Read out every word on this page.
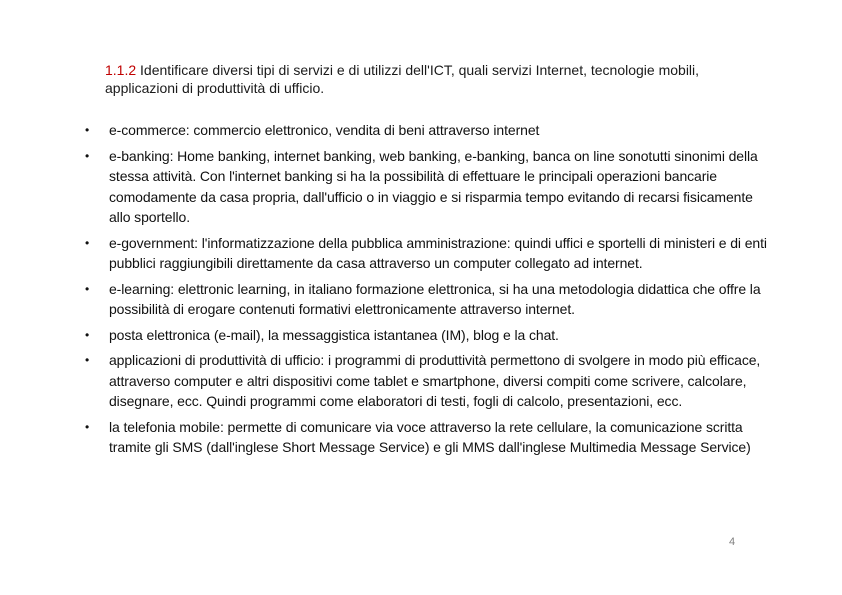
1.1.2 Identificare diversi tipi di servizi e di utilizzi dell'ICT, quali servizi Internet, tecnologie mobili, applicazioni di produttività di ufficio.
• e-commerce: commercio elettronico, vendita di beni attraverso internet
• e-banking: Home banking, internet banking, web banking, e-banking, banca on line sonotutti sinonimi della stessa attività. Con l'internet banking si ha la possibilità di effettuare le principali operazioni bancarie comodamente da casa propria, dall'ufficio o in viaggio e si risparmia tempo evitando di recarsi fisicamente allo sportello.
• e-government: l'informatizzazione della pubblica amministrazione: quindi uffici e sportelli di ministeri e di enti pubblici raggiungibili direttamente da casa attraverso un computer collegato ad internet.
• e-learning: elettronic learning, in italiano formazione elettronica, si ha una metodologia didattica che offre la possibilità di erogare contenuti formativi elettronicamente attraverso internet.
• posta elettronica (e-mail), la messaggistica istantanea (IM), blog e la chat.
• applicazioni di produttività di ufficio: i programmi di produttività permettono di svolgere in modo più efficace, attraverso computer e altri dispositivi come tablet e smartphone, diversi compiti come scrivere, calcolare, disegnare, ecc. Quindi programmi come elaboratori di testi, fogli di calcolo, presentazioni, ecc.
• la telefonia mobile: permette di comunicare via voce attraverso la rete cellulare, la comunicazione scritta tramite gli SMS (dall'inglese Short Message Service) e gli MMS dall'inglese Multimedia Message Service)
4
